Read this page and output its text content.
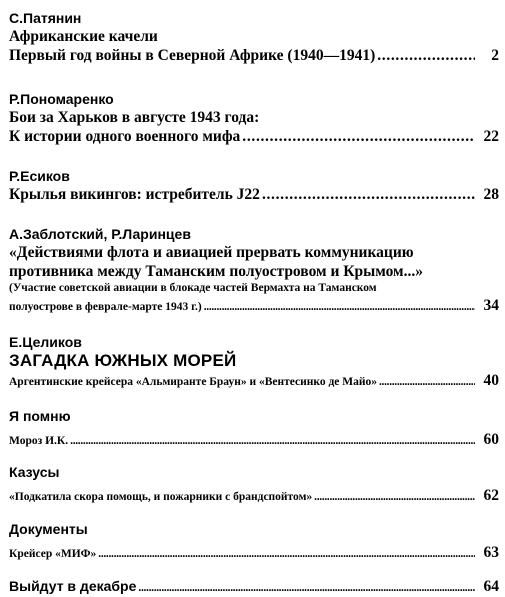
С.Патянин
Африканские качели
Первый год войны в Северной Африке (1940—1941) . . .	2
Р.Пономаренко
Бои за Харьков в августе 1943 года:
К истории одного военного мифа . . .	22
Р.Есиков
Крылья викингов: истребитель J22 . . .	28
А.Заблотский, Р.Ларинцев
«Действиями флота и авиацией прервать коммуникацию
противника между Таманским полуостровом и Крымом...»
(Участие советской авиации в блокаде частей Вермахта на Таманском
полуострове в феврале-марте 1943 г.) . . .	34
Е.Целиков
ЗАГАДКА ЮЖНЫХ МОРЕЙ
Аргентинские крейсера «Альмиранте Браун» и «Вентесинко де Майо» . . .	40
Я помню
Мороз И.К. . . .	60
Казусы
«Подкатила скора помощь, и пожарники с брандспойтом» . . .	62
Документы
Крейсер «МИФ» . . .	63
Выйдут в декабре . . .	64
